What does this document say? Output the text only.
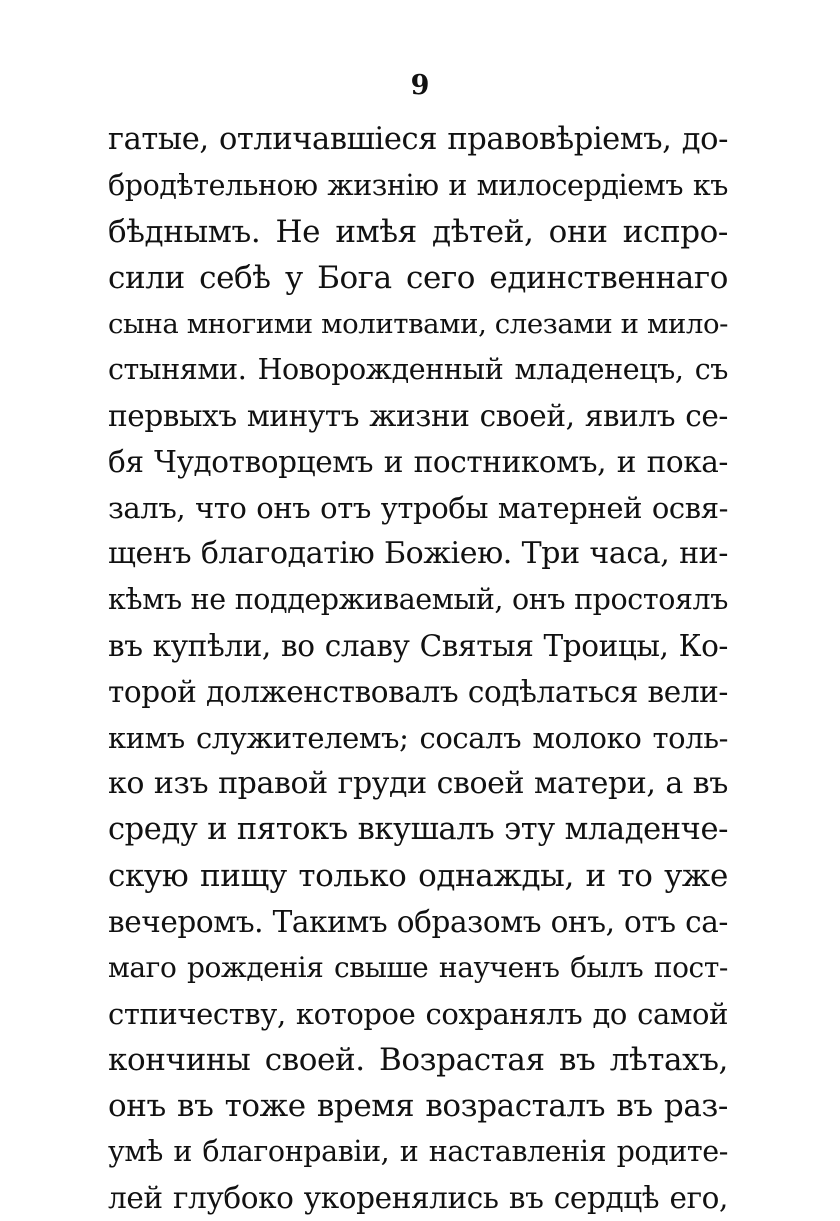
9
гатые, отличавшіеся правовѣріемъ, до-
бродѣтельною жизнію и милосердіемъ къ
бѣднымъ. Не имѣя дѣтей, они испро-
сили себѣ у Бога сего единственнаго
сына многими молитвами, слезами и мило-
стынями. Новорожденный младенецъ, съ
первыхъ минутъ жизни своей, явилъ се-
бя Чудотворцемъ и постникомъ, и пока-
залъ, что онъ отъ утробы матерней освя-
щенъ благодатію Божіею. Три часа, ни-
кѣмъ не поддерживаемый, онъ простоялъ
въ купѣли, во славу Святыя Троицы, Ко-
торой долженствовалъ содѣлаться вели-
кимъ служителемъ; сосалъ молоко толь-
ко изъ правой груди своей матери, а въ
среду и пятокъ вкушалъ эту младенче-
скую пищу только однажды, и то уже
вечеромъ. Такимъ образомъ онъ, отъ са-
маго рожденія свыше наученъ былъ пост-
стпичеству, которое сохранялъ до самой
кончины своей. Возрастая въ лѣтахъ,
онъ въ тоже время возрасталъ въ раз-
умѣ и благонравіи, и наставленія родите-
лей глубоко укоренялись въ сердцѣ его,
